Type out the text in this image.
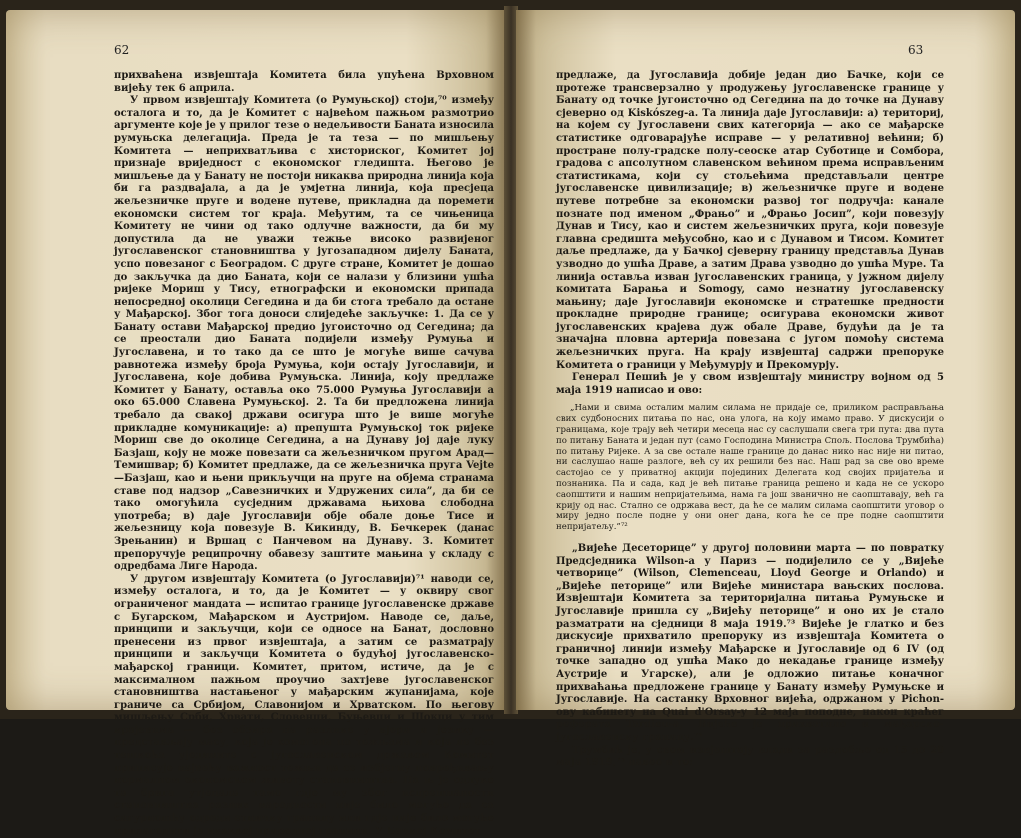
62

прихваћена извјештаја Комитета била упућена Врховном вијећу тек 6 априла.

У првом извјештају Комитета (о Румуњској) стоји,⁷⁰ између осталога и то, да је Комитет с највећом пажњом размотрио аргументе које је у прилог тезе о недељивости Баната износила румуњска делегација. Преда је та теза — по мишљењу Комитета — неприхватљива с хисториског, Комитет јој признаје вриједност с економског гледишта. Његово је мишљење да у Банату не постоји никаква природна линија која би га раздвајала, а да је умјетна линија, која пресјеца жељезничке пруге и водене путеве, прикладна да поремети економски систем тог краја. Међутим, та се чињеница Комитету не чини од тако одлучне важности, да би му допустила да не уважи тежње високо развијеног југославенског становништва у југозападном дијелу Баната, успо повезаног с Београдом. С друге стране, Комитет је дошао до закључка да дио Баната, који се налази у близини ушћа ријеке Мориш у Тису, етнографски и економски припада непосредној околици Сегедина и да би стога требало да остане у Мађарској. Због тога доноси слиједеће закључке: 1. Да се у Банату остави Мађарској предио југоисточно од Сегедина; да се преостали дио Баната подијели између Румуња и Југославена, и то тако да се што је могуће више сачува равнотежа између броја Румуња, који остају Југославији, и Југославена, које добива Румуњска. Линија, коју предлаже Комитет у Банату, оставља око 75.000 Румуња Југославији а око 65.000 Славена Румуњској. 2. Та би предложена линија требало да свакој држави осигура што је више могуће прикладне комуникације: а) препушта Румуњској ток ријеке Мориш све до околице Сегедина, а на Дунаву јој даје луку Базјаш, коју не може повезати са жељезничком пругом Арад—Темишвар; б) Комитет предлаже, да се жељезничка пруга Vejte—Базјаш, као и њени прикључци на пруге на објема странама ставе под надзор „Савезничких и Удружених сила”, да би се тако омогућила сусједним државама њихова слободна употреба; в) даје Југославији обје обале доње Тисе и жељезницу која повезује В. Кикинду, В. Бечкерек (данас Зрењанин) и Вршац с Панчевом на Дунаву. 3. Комитет препоручује реципрочну обавезу заштите мањина у складу с одредбама Лиге Народа.

У другом извјештају Комитета (о Југославији)⁷¹ наводи се, између осталога, и то, да је Комитет — у оквиру свог ограниченог мандата — испитао границе југославенске државе с Бугарском, Мађарском и Аустријом. Наводе се, даље, принципи и закључци, који се односе на Банат, дословно пренесени из првог извјештаја, а затим се разматрају принципи и закључци Комитета о будућој југославенско-мађарској граници. Комитет, притом, истиче, да је с максималном пажњом проучио захтјеве југославенског становништва настањеног у мађарским жупанијама, које граниче са Србијом, Славонијом и Хрватском. По његову мишљењу Срби, Хрвати, Словенци, Буњевци и Шокци у тим крајевима — без обзира на разлике у вјери и језику — представљају масу, која је хомогена по тежњама и која не без тешкоћа уједините с југославенском државом Комитет приписује највећу важност тежњи да се избјегну повређивању нормалном економском животу становништва. На њ је одлуке та брига утјецала тамо гдје му због испрешпаности становништва разних народности није било могуће да са сигурношћу одреди етничку границу или гдје није било могуће прилагодити је икаквој природној граници. У Бачкој Комитет

63

предлаже, да Југославија добије један дио Бачке, који се протеже трансверзално у продужењу југославенске границе у Банату од точке југоисточно од Сегедина па до точке на Дунаву сјеверно од Kiskószeg-a. Та линија даје Југославији: а) териториј, на којем су Југославени свих категорија — ако се мађарске статистике одговарајуће исправе — у релативној већини; б) простране полу-градске полу-сеоске атар Суботице и Сомбора, градова с апсолутном славенском већином према исправљеним статистикама, који су стољећима представљали центре југославенске цивилизације; в) жељезничке пруге и водене путеве потребне за економски развој тог подручја: канале познате под именом „Фрањо” и „Фрањо Јосип”, који повезују Дунав и Тису, као и систем жељезничких пруга, који повезује главна средишта међусобно, као и с Дунавом и Тисом. Комитет даље предлаже, да у Бачкој сјеверну границу представља Дунав узводно до ушћа Драве, а затим Драва узводно до ушћа Муре. Та линија оставља изван југославенских граница, у јужном дијелу комитата Барања и Somogy, само незнатну југославенску мањину; даје Југославији економске и стратешке предности прокладне природне границе; осигурава економски живот југославенских крајева дуж обале Драве, будући да је та значајна пловна артерија повезана с југом помоћу система жељезничких пруга. На крају извјештај садржи препоруке Комитета о граници у Међумурју и Прекомурју.

Генерал Пешић је у свом извјештају министру војном од 5 маја 1919 написао и ово:

„Нами и свима осталим малим силама не придаје се, приликом расправљања свих судбоносних питања по нас, она улога, на коју имамо право. У дискусији о границама, које трају већ четири месеца нас су саслушали свега три пута: два пута по питању Баната и један пут (само Господина Министра Спољ. Послова Трумбића) по питању Ријеке. А за све остале наше границе до данас нико нас није ни питао, ни саслушао наше разлоге, већ су их решили без нас. Наш рад за све ово време састојао се у приватној акцији појединих Делегата код својих пријатеља и познаника. Па и сада, кад је већ питање граница решено и када не се ускоро саопштити и нашим непријатељима, нама га још званично не саопштавају, већ га крију од нас. Стално се одржава вест, да ће се малим силама саопштити уговор о миру једно после подне у они онег дана, кога ће се пре подне саопштити непријатељу.”⁷²

„Вијеће Десеторице” у другој половини марта — по повратку Предсједника Wilson-a у Париз — подијелило се у „Вијеће четворице” (Wilson, Clemenceau, Lloyd George и Orlando) и „Вијеће петорице” или Вијеће министара вањских послова. Извјештаји Комитета за територијална питања Румуњске и Југославије пришла су „Вијећу петорице” и оно их је стало разматрати на сједници 8 маја 1919.⁷³ Вијеће је глатко и без дискусије прихватило препоруку из извјештаја Комитета о граничној линији између Мађарске и Југославије од 6 IV (од точке западно од ушћа Мако до некадање границе између Аустрије и Угарске), али је одложио питање коначног прихваћања предложене границе у Банату између Румуњске и Југославије. На састанку Врховног вијећа, одржаном у Pichon-ову кабинету на Quai d'Orsay-у 12 маја поподне, након краћег реферата Tardieu-a, Вијеће је прихватило и мађарско-југославенску границу.⁷⁴

Трумбић је, у свом извјештају влади за раздобље од 15 до 20 маја 1919,⁷⁵ навео и то:
